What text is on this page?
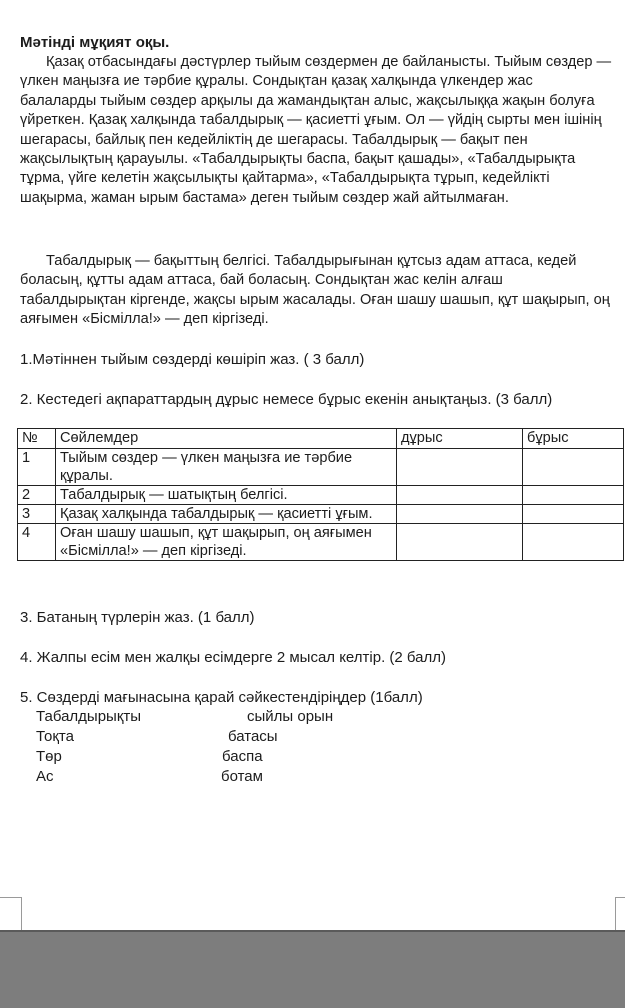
Мәтінді мұқият оқы.
Қазақ отбасындағы дәстүрлер тыйым сөздермен де байланысты. Тыйым сөздер — үлкен маңызға ие тәрбие құралы. Сондықтан қазақ халқында үлкендер жас балаларды тыйым сөздер арқылы да жамандықтан алыс, жақсылыққа жақын болуға үйреткен. Қазақ халқында табалдырық — қасиетті ұғым. Ол — үйдің сырты мен ішінің шегарасы, байлық пен кедейліктің де шегарасы. Табалдырық — бақыт пен жақсылықтың қарауылы. «Табалдырықты баспа, бақыт қашады», «Табалдырықта тұрма, үйге келетін жақсылықты қайтарма», «Табалдырықта тұрып, кедейлікті шақырма, жаман ырым бастама» деген тыйым сөздер жай айтылмаған.
Табалдырық — бақыттың белгісі. Табалдырығынан құтсыз адам аттаса, кедей боласың, құтты адам аттаса, бай боласың. Сондықтан жас келін алғаш табалдырықтан кіргенде, жақсы ырым жасалады. Оған шашу шашып, құт шақырып, оң аяғымен «Бісмілла!» — деп кіргізеді.
1.Мәтіннен тыйым сөздерді көшіріп жаз. ( 3 балл)
2. Кестедегі ақпараттардың дұрыс немесе бұрыс екенін анықтаңыз. (3 балл)
№	Сөйлемдер	дұрыс	бұрыс
1	Тыйым сөздер — үлкен маңызға ие тәрбие құралы.		
2	Табалдырық — шатықтың белгісі.		
3	Қазақ халқында табалдырық — қасиетті ұғым.		
4	Оған шашу шашып, құт шақырып, оң аяғымен «Бісмілла!» — деп кіргізеді.		
3. Батаның түрлерін жаз. (1 балл)
4. Жалпы есім мен жалқы есімдерге 2 мысал келтір. (2 балл)
5. Сөздерді мағынасына қарай сәйкестендіріңдер (1балл)
Табалдырықты	сыйлы орын
Тоқта	батасы
Төр	баспа
Ас	ботам
